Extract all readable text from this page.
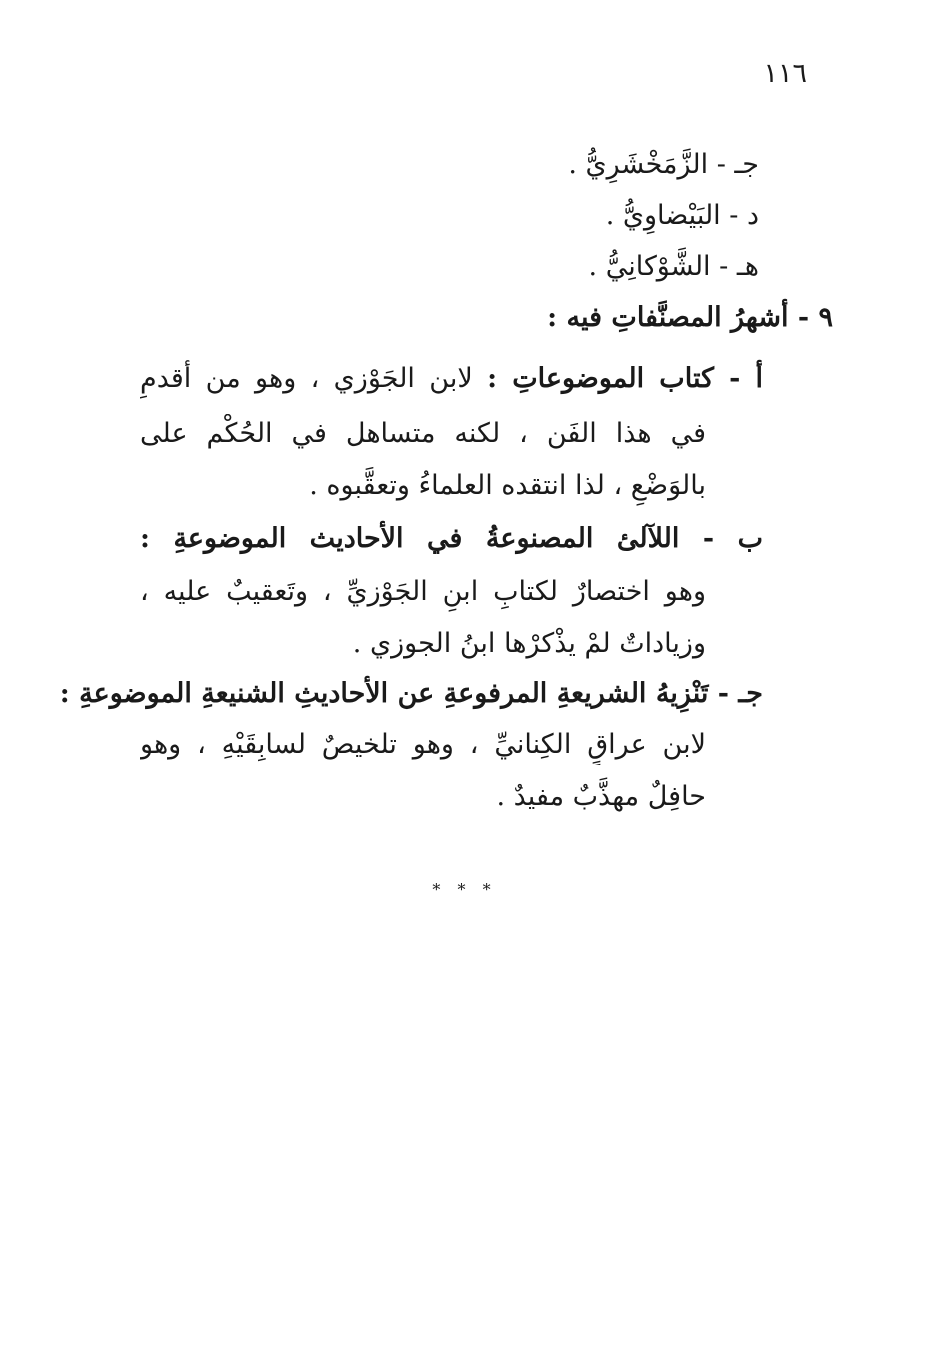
١١٦
جـ - الزَّمَخْشَرِيُّ .
د - البَيْضاوِيُّ .
هـ - الشَّوْكانِيُّ .
٩ - أشهرُ المصنَّفاتِ فيه :
أ - كتاب الموضوعاتِ : لابن الجَوْزي ، وهو من أقدمِ
في هذا الفَن ، لكنه متساهل في الحُكْم على
بالوَضْعِ ، لذا انتقده العلماءُ وتعقَّبوه .
ب - اللآلئ المصنوعةُ في الأحاديث الموضوعةِ :
وهو اختصارٌ لكتابِ ابنِ الجَوْزيِّ ، وتَعقيبٌ عليه ،
وزياداتٌ لمْ يذْكرْها ابنُ الجوزي .
جـ - تَنْزِيهُ الشريعةِ المرفوعةِ عن الأحاديثِ الشنيعةِ الموضوعةِ :
لابن عراقٍ الكِنانيِّ ، وهو تلخيصٌ لسابِقَيْهِ ، وهو
حافِلٌ مهذَّبٌ مفيدٌ .
* * *
